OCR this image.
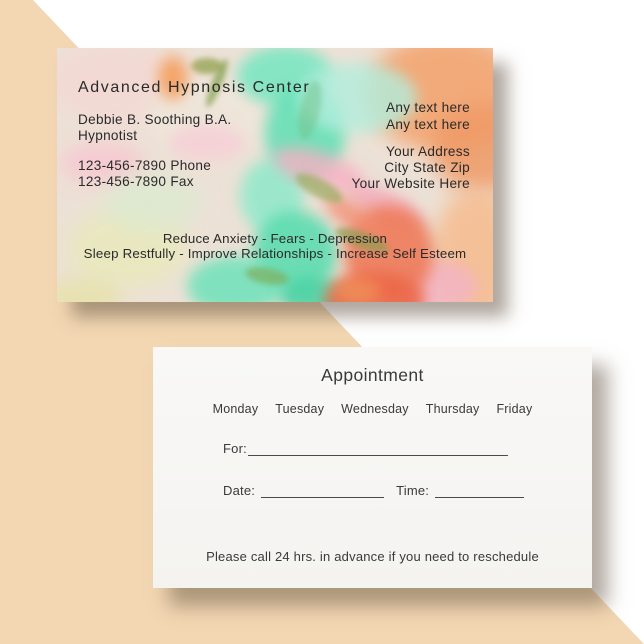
Advanced Hypnosis Center
Debbie B. Soothing B.A.
Hypnotist
123-456-7890 Phone
123-456-7890 Fax
Any text here
Any text here
Your Address
City State Zip
Your Website Here
Reduce Anxiety - Fears - Depression
Sleep Restfully - Improve Relationships - Increase Self Esteem
Appointment
Monday Tuesday Wednesday Thursday Friday
For:
Date:	Time:
Please call 24 hrs. in advance if you need to reschedule
